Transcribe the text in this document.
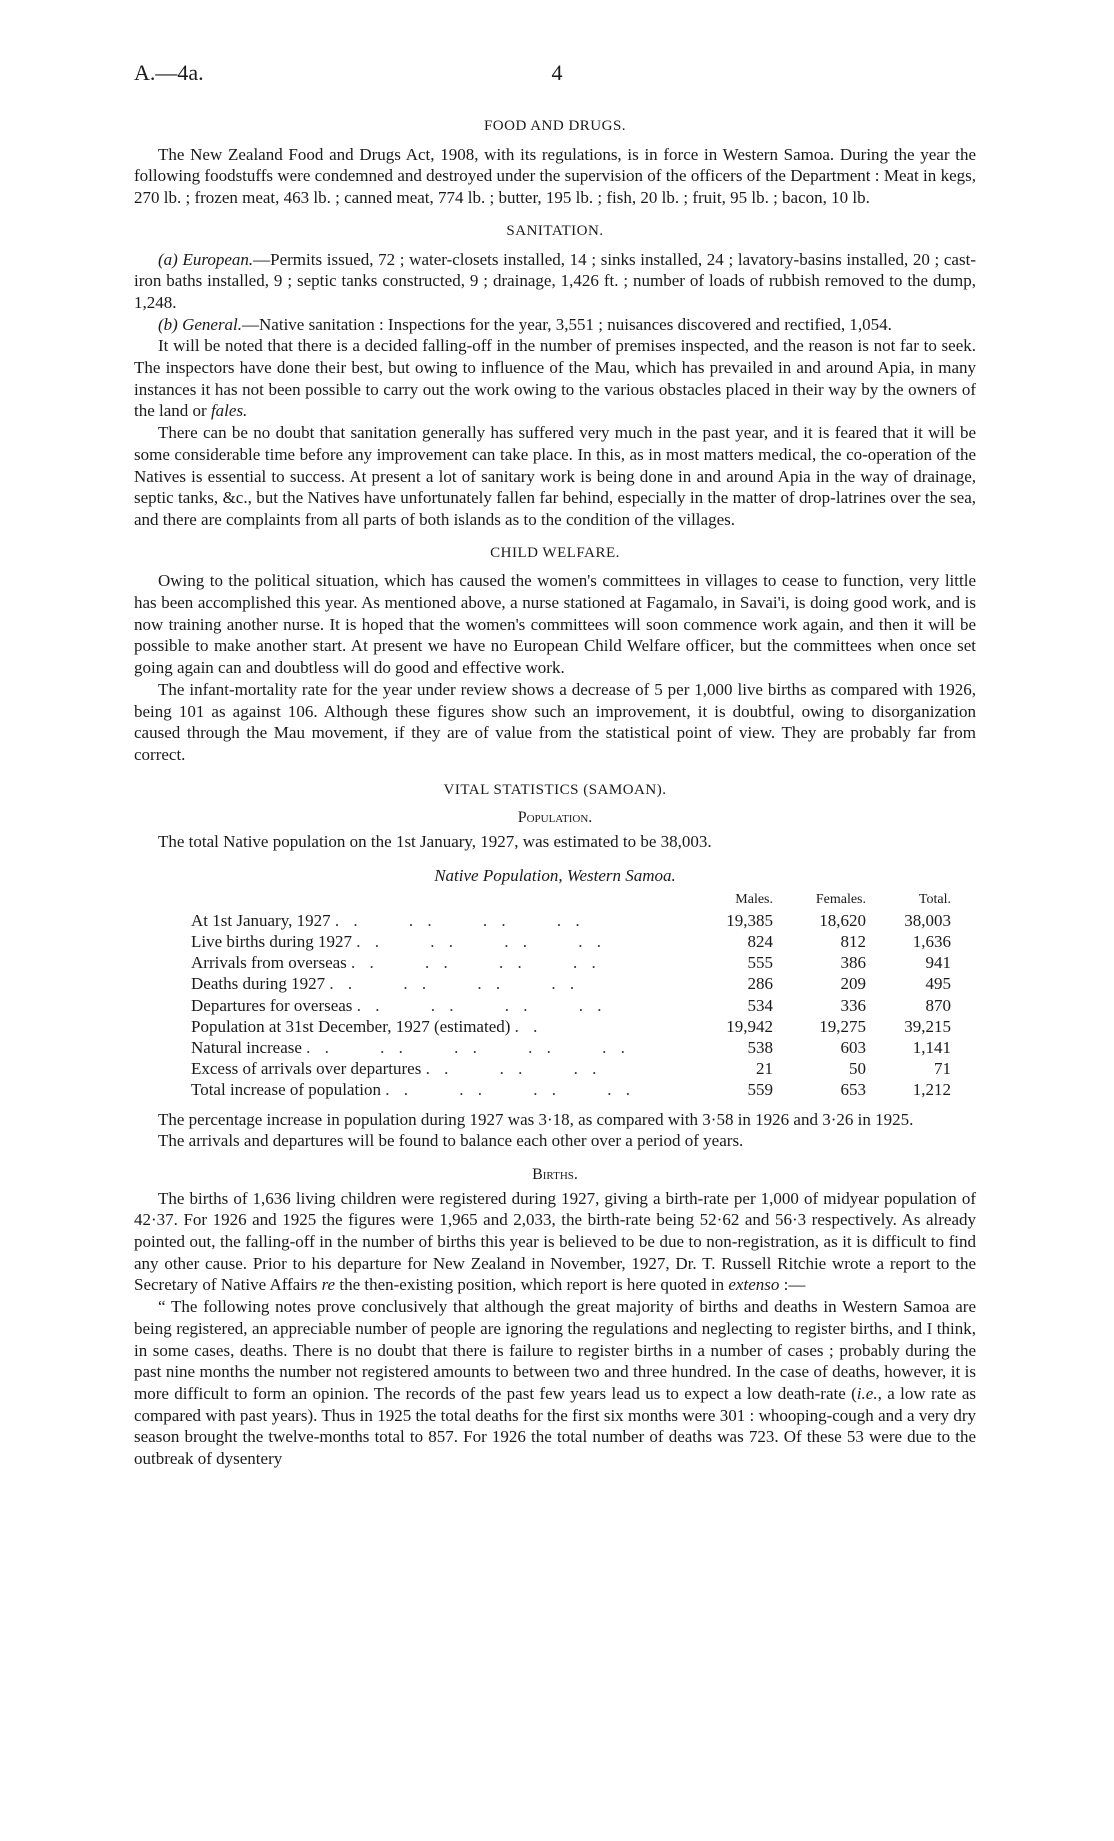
A.—4a.	4
FOOD AND DRUGS.

The New Zealand Food and Drugs Act, 1908, with its regulations, is in force in Western Samoa. During the year the following foodstuffs were condemned and destroyed under the supervision of the officers of the Department : Meat in kegs, 270 lb. ; frozen meat, 463 lb. ; canned meat, 774 lb. ; butter, 195 lb. ; fish, 20 lb. ; fruit, 95 lb. ; bacon, 10 lb.

SANITATION.

(a) European.—Permits issued, 72 ; water-closets installed, 14 ; sinks installed, 24 ; lavatory-basins installed, 20 ; cast-iron baths installed, 9 ; septic tanks constructed, 9 ; drainage, 1,426 ft. ; number of loads of rubbish removed to the dump, 1,248.

(b) General.—Native sanitation : Inspections for the year, 3,551 ; nuisances discovered and rectified, 1,054.

It will be noted that there is a decided falling-off in the number of premises inspected, and the reason is not far to seek. The inspectors have done their best, but owing to influence of the Mau, which has prevailed in and around Apia, in many instances it has not been possible to carry out the work owing to the various obstacles placed in their way by the owners of the land or fales.

There can be no doubt that sanitation generally has suffered very much in the past year, and it is feared that it will be some considerable time before any improvement can take place. In this, as in most matters medical, the co-operation of the Natives is essential to success. At present a lot of sanitary work is being done in and around Apia in the way of drainage, septic tanks, &c., but the Natives have unfortunately fallen far behind, especially in the matter of drop-latrines over the sea, and there are complaints from all parts of both islands as to the condition of the villages.

CHILD WELFARE.

Owing to the political situation, which has caused the women's committees in villages to cease to function, very little has been accomplished this year. As mentioned above, a nurse stationed at Fagamalo, in Savai'i, is doing good work, and is now training another nurse. It is hoped that the women's committees will soon commence work again, and then it will be possible to make another start. At present we have no European Child Welfare officer, but the committees when once set going again can and doubtless will do good and effective work.

The infant-mortality rate for the year under review shows a decrease of 5 per 1,000 live births as compared with 1926, being 101 as against 106. Although these figures show such an improvement, it is doubtful, owing to disorganization caused through the Mau movement, if they are of value from the statistical point of view. They are probably far from correct.

VITAL STATISTICS (SAMOAN).
Population.

The total Native population on the 1st January, 1927, was estimated to be 38,003.

Native Population, Western Samoa.
	Males.	Females.	Total.
At 1st January, 1927 . .     . .     . .     . .	19,385	18,620	38,003
Live births during 1927 . .     . .     . .     . .	824	812	1,636
Arrivals from overseas . .     . .     . .     . .	555	386	941
Deaths during 1927 . .     . .     . .     . .	286	209	495
Departures for overseas . .     . .     . .     . .	534	336	870
Population at 31st December, 1927 (estimated) . .	19,942	19,275	39,215
Natural increase . .     . .     . .     . .     . .	538	603	1,141
Excess of arrivals over departures . .     . .     . .	21	50	71
Total increase of population . .     . .     . .     . .	559	653	1,212

The percentage increase in population during 1927 was 3·18, as compared with 3·58 in 1926 and 3·26 in 1925.

The arrivals and departures will be found to balance each other over a period of years.

Births.

The births of 1,636 living children were registered during 1927, giving a birth-rate per 1,000 of midyear population of 42·37. For 1926 and 1925 the figures were 1,965 and 2,033, the birth-rate being 52·62 and 56·3 respectively. As already pointed out, the falling-off in the number of births this year is believed to be due to non-registration, as it is difficult to find any other cause. Prior to his departure for New Zealand in November, 1927, Dr. T. Russell Ritchie wrote a report to the Secretary of Native Affairs re the then-existing position, which report is here quoted in extenso :—

“ The following notes prove conclusively that although the great majority of births and deaths in Western Samoa are being registered, an appreciable number of people are ignoring the regulations and neglecting to register births, and I think, in some cases, deaths. There is no doubt that there is failure to register births in a number of cases ; probably during the past nine months the number not registered amounts to between two and three hundred. In the case of deaths, however, it is more difficult to form an opinion. The records of the past few years lead us to expect a low death-rate (i.e., a low rate as compared with past years). Thus in 1925 the total deaths for the first six months were 301 : whooping-cough and a very dry season brought the twelve-months total to 857. For 1926 the total number of deaths was 723. Of these 53 were due to the outbreak of dysentery
